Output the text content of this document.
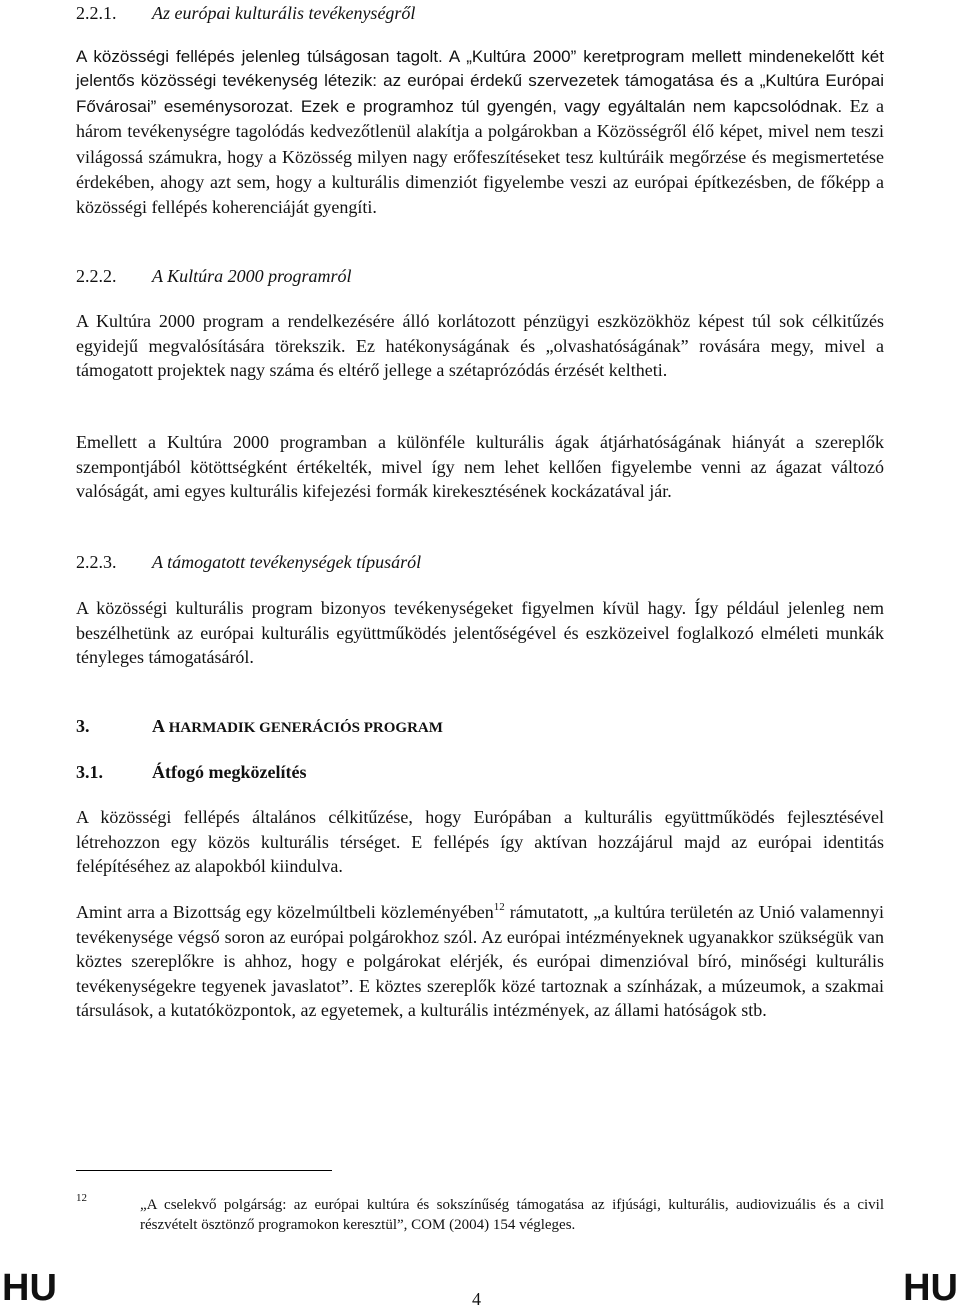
2.2.1. Az európai kulturális tevékenységről
A közösségi fellépés jelenleg túlságosan tagolt. A „Kultúra 2000” keretprogram mellett mindenekelőtt két jelentős közösségi tevékenység létezik: az európai érdekű szervezetek támogatása és a „Kultúra Európai Fővárosai” eseménysorozat. Ezek e programhoz túl gyengén, vagy egyáltalán nem kapcsolódnak. Ez a három tevékenységre tagolódás kedvezőtlenül alakítja a polgárokban a Közösségről élő képet, mivel nem teszi világossá számukra, hogy a Közösség milyen nagy erőfeszítéseket tesz kultúráik megőrzése és megismertetése érdekében, ahogy azt sem, hogy a kulturális dimenziót figyelembe veszi az európai építkezésben, de főképp a közösségi fellépés koherenciáját gyengíti.
2.2.2. A Kultúra 2000 programról
A Kultúra 2000 program a rendelkezésére álló korlátozott pénzügyi eszközökhöz képest túl sok célkitűzés egyidejű megvalósítására törekszik. Ez hatékonyságának és „olvashatóságának” rovására megy, mivel a támogatott projektek nagy száma és eltérő jellege a szétaprózódás érzését keltheti.
Emellett a Kultúra 2000 programban a különféle kulturális ágak átjárhatóságának hiányát a szereplők szempontjából kötöttségként értékelték, mivel így nem lehet kellően figyelembe venni az ágazat változó valóságát, ami egyes kulturális kifejezési formák kirekesztésének kockázatával jár.
2.2.3. A támogatott tevékenységek típusáról
A közösségi kulturális program bizonyos tevékenységeket figyelmen kívül hagy. Így például jelenleg nem beszélhetünk az európai kulturális együttműködés jelentőségével és eszközeivel foglalkozó elméleti munkák tényleges támogatásáról.
3.	A HARMADIK GENERÁCIÓS PROGRAM
3.1.	Átfogó megközelítés
A közösségi fellépés általános célkitűzése, hogy Európában a kulturális együttműködés fejlesztésével létrehozzon egy közös kulturális térséget. E fellépés így aktívan hozzájárul majd az európai identitás felépítéséhez az alapokból kiindulva.
Amint arra a Bizottság egy közelmúltbeli közleményében$^{12}$ rámutatott, „a kultúra területén az Unió valamennyi tevékenysége végső soron az európai polgárokhoz szól. Az európai intézményeknek ugyanakkor szükségük van köztes szereplőkre is ahhoz, hogy e polgárokat elérjék, és európai dimenzióval bíró, minőségi kulturális tevékenységekre tegyenek javaslatot”. E köztes szereplők közé tartoznak a színházak, a múzeumok, a szakmai társulások, a kutatóközpontok, az egyetemek, a kulturális intézmények, az állami hatóságok stb.
12	„A cselekvő polgárság: az európai kultúra és sokszínűség támogatása az ifjúsági, kulturális, audiovizuális és a civil részvételt ösztönző programokon keresztül”, COM (2004) 154 végleges.
HU	4	HU
